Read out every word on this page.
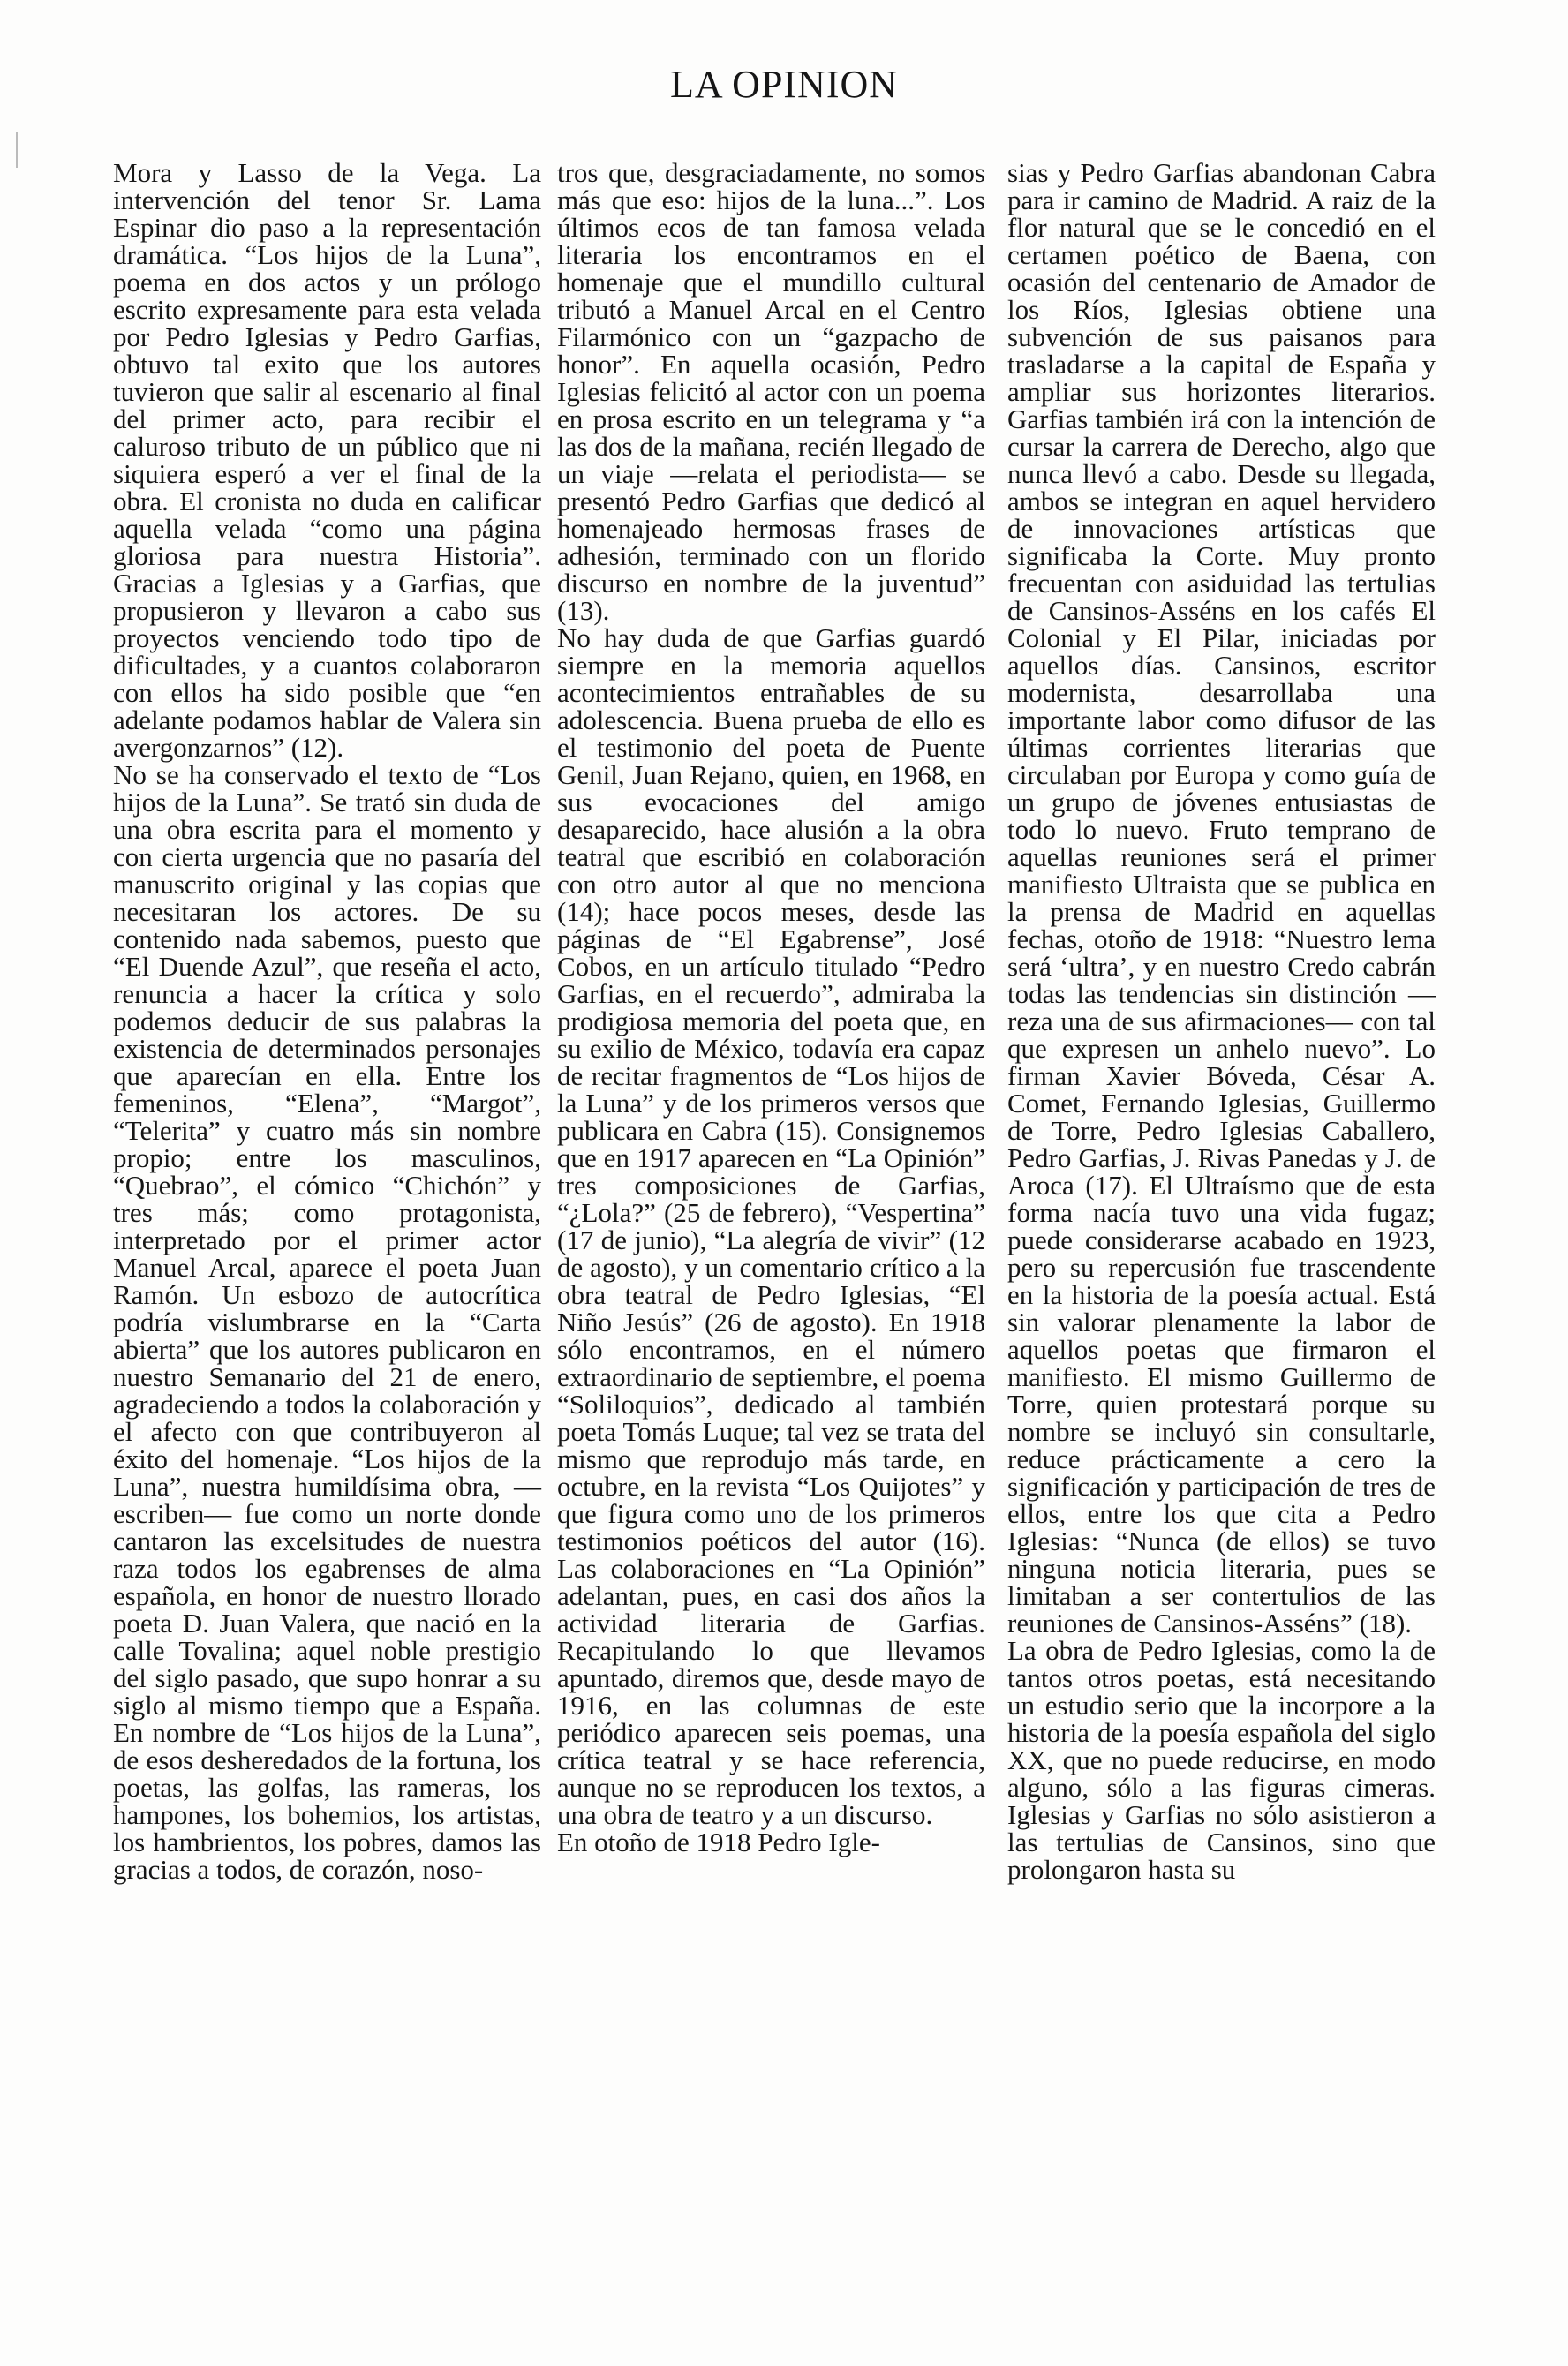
LA OPINION
Mora y Lasso de la Vega. La intervención del tenor Sr. Lama Espinar dio paso a la representación dramática. “Los hijos de la Luna”, poema en dos actos y un prólogo escrito expresamente para esta velada por Pedro Iglesias y Pedro Garfias, obtuvo tal exito que los autores tuvieron que salir al escenario al final del primer acto, para recibir el caluroso tributo de un público que ni siquiera esperó a ver el final de la obra. El cronista no duda en calificar aquella velada “como una página gloriosa para nuestra Historia”. Gracias a Iglesias y a Garfias, que propusieron y llevaron a cabo sus proyectos venciendo todo tipo de dificultades, y a cuantos colaboraron con ellos ha sido posible que “en adelante podamos hablar de Valera sin avergonzarnos” (12).
No se ha conservado el texto de “Los hijos de la Luna”. Se trató sin duda de una obra escrita para el momento y con cierta urgencia que no pasaría del manuscrito original y las copias que necesitaran los actores. De su contenido nada sabemos, puesto que “El Duende Azul”, que reseña el acto, renuncia a hacer la crítica y solo podemos deducir de sus palabras la existencia de determinados personajes que aparecían en ella. Entre los femeninos, “Elena”, “Margot”, “Telerita” y cuatro más sin nombre propio; entre los masculinos, “Quebrao”, el cómico “Chichón” y tres más; como protagonista, interpretado por el primer actor Manuel Arcal, aparece el poeta Juan Ramón. Un esbozo de autocrítica podría vislumbrarse en la “Carta abierta” que los autores publicaron en nuestro Semanario del 21 de enero, agradeciendo a todos la colaboración y el afecto con que contribuyeron al éxito del homenaje. “Los hijos de la Luna”, nuestra humildísima obra, —escriben— fue como un norte donde cantaron las excelsitudes de nuestra raza todos los egabrenses de alma española, en honor de nuestro llorado poeta D. Juan Valera, que nació en la calle Tovalina; aquel noble prestigio del siglo pasado, que supo honrar a su siglo al mismo tiempo que a España. En nombre de “Los hijos de la Luna”, de esos desheredados de la fortuna, los poetas, las golfas, las rameras, los hampones, los bohemios, los artistas, los hambrientos, los pobres, damos las gracias a todos, de corazón, noso-
tros que, desgraciadamente, no somos más que eso: hijos de la luna...”. Los últimos ecos de tan famosa velada literaria los encontramos en el homenaje que el mundillo cultural tributó a Manuel Arcal en el Centro Filarmónico con un “gazpacho de honor”. En aquella ocasión, Pedro Iglesias felicitó al actor con un poema en prosa escrito en un telegrama y “a las dos de la mañana, recién llegado de un viaje —relata el periodista— se presentó Pedro Garfias que dedicó al homenajeado hermosas frases de adhesión, terminado con un florido discurso en nombre de la juventud” (13).
No hay duda de que Garfias guardó siempre en la memoria aquellos acontecimientos entrañables de su adolescencia. Buena prueba de ello es el testimonio del poeta de Puente Genil, Juan Rejano, quien, en 1968, en sus evocaciones del amigo desaparecido, hace alusión a la obra teatral que escribió en colaboración con otro autor al que no menciona (14); hace pocos meses, desde las páginas de “El Egabrense”, José Cobos, en un artículo titulado “Pedro Garfias, en el recuerdo”, admiraba la prodigiosa memoria del poeta que, en su exilio de México, todavía era capaz de recitar fragmentos de “Los hijos de la Luna” y de los primeros versos que publicara en Cabra (15). Consignemos que en 1917 aparecen en “La Opinión” tres composiciones de Garfias, “¿Lola?” (25 de febrero), “Vespertina” (17 de junio), “La alegría de vivir” (12 de agosto), y un comentario crítico a la obra teatral de Pedro Iglesias, “El Niño Jesús” (26 de agosto). En 1918 sólo encontramos, en el número extraordinario de septiembre, el poema “Soliloquios”, dedicado al también poeta Tomás Luque; tal vez se trata del mismo que reprodujo más tarde, en octubre, en la revista “Los Quijotes” y que figura como uno de los primeros testimonios poéticos del autor (16). Las colaboraciones en “La Opinión” adelantan, pues, en casi dos años la actividad literaria de Garfias. Recapitulando lo que llevamos apuntado, diremos que, desde mayo de 1916, en las columnas de este periódico aparecen seis poemas, una crítica teatral y se hace referencia, aunque no se reproducen los textos, a una obra de teatro y a un discurso.
En otoño de 1918 Pedro Igle-
sias y Pedro Garfias abandonan Cabra para ir camino de Madrid. A raiz de la flor natural que se le concedió en el certamen poético de Baena, con ocasión del centenario de Amador de los Ríos, Iglesias obtiene una subvención de sus paisanos para trasladarse a la capital de España y ampliar sus horizontes literarios. Garfias también irá con la intención de cursar la carrera de Derecho, algo que nunca llevó a cabo. Desde su llegada, ambos se integran en aquel hervidero de innovaciones artísticas que significaba la Corte. Muy pronto frecuentan con asiduidad las tertulias de Cansinos-Asséns en los cafés El Colonial y El Pilar, iniciadas por aquellos días. Cansinos, escritor modernista, desarrollaba una importante labor como difusor de las últimas corrientes literarias que circulaban por Europa y como guía de un grupo de jóvenes entusiastas de todo lo nuevo. Fruto temprano de aquellas reuniones será el primer manifiesto Ultraista que se publica en la prensa de Madrid en aquellas fechas, otoño de 1918: “Nuestro lema será ‘ultra’, y en nuestro Credo cabrán todas las tendencias sin distinción —reza una de sus afirmaciones— con tal que expresen un anhelo nuevo”. Lo firman Xavier Bóveda, César A. Comet, Fernando Iglesias, Guillermo de Torre, Pedro Iglesias Caballero, Pedro Garfias, J. Rivas Panedas y J. de Aroca (17). El Ultraísmo que de esta forma nacía tuvo una vida fugaz; puede considerarse acabado en 1923, pero su repercusión fue trascendente en la historia de la poesía actual. Está sin valorar plenamente la labor de aquellos poetas que firmaron el manifiesto. El mismo Guillermo de Torre, quien protestará porque su nombre se incluyó sin consultarle, reduce prácticamente a cero la significación y participación de tres de ellos, entre los que cita a Pedro Iglesias: “Nunca (de ellos) se tuvo ninguna noticia literaria, pues se limitaban a ser contertulios de las reuniones de Cansinos-Asséns” (18).
La obra de Pedro Iglesias, como la de tantos otros poetas, está necesitando un estudio serio que la incorpore a la historia de la poesía española del siglo XX, que no puede reducirse, en modo alguno, sólo a las figuras cimeras. Iglesias y Garfias no sólo asistieron a las tertulias de Cansinos, sino que prolongaron hasta su
